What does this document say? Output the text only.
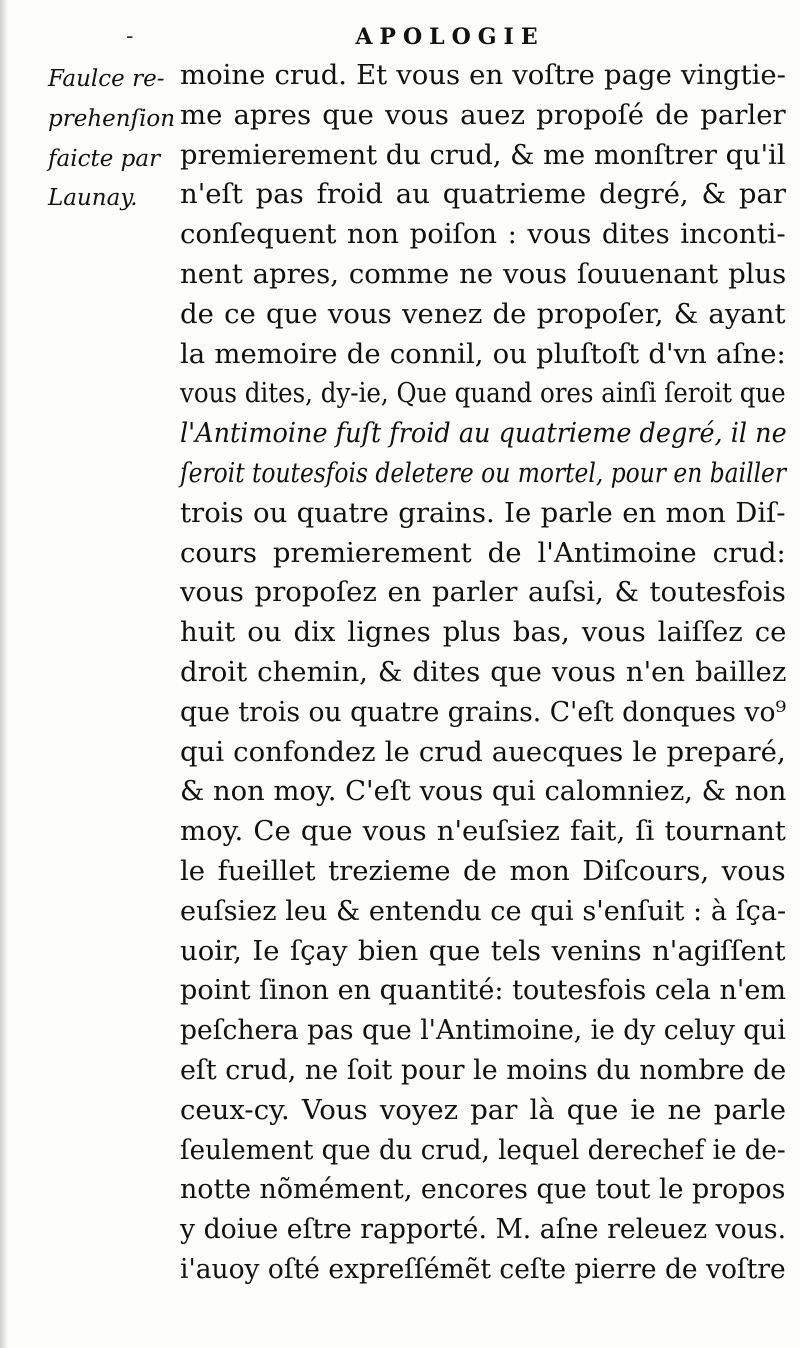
-	APOLOGIE
Faulce re-
prehenſion
faicte par
Launay.
moine crud. Et vous en voſtre page vingtie-
me apres que vous auez propoſé de parler
premierement du crud, & me monſtrer qu'il
n'eſt pas froid au quatrieme degré, & par
conſequent non poiſon : vous dites inconti-
nent apres, comme ne vous ſouuenant plus
de ce que vous venez de propoſer, & ayant
la memoire de connil, ou pluſtoſt d'vn aſne:
vous dites, dy-ie, Que quand ores ainſi ſeroit que
l'Antimoine fuſt froid au quatrieme degré, il ne
ſeroit toutesfois deletere ou mortel, pour en bailler
trois ou quatre grains. Ie parle en mon Diſ-
cours premierement de l'Antimoine crud:
vous propoſez en parler auſsi, & toutesfois
huit ou dix lignes plus bas, vous laiſſez ce
droit chemin, & dites que vous n'en baillez
que trois ou quatre grains. C'eſt donques vo⁹
qui confondez le crud auecques le preparé,
& non moy. C'eſt vous qui calomniez, & non
moy. Ce que vous n'euſsiez fait, ſi tournant
le fueillet trezieme de mon Diſcours, vous
euſsiez leu & entendu ce qui s'enſuit : à ſça-
uoir, Ie ſçay bien que tels venins n'agiſſent
point ſinon en quantité: toutesfois cela n'em
peſchera pas que l'Antimoine, ie dy celuy qui
eſt crud, ne ſoit pour le moins du nombre de
ceux-cy. Vous voyez par là que ie ne parle
ſeulement que du crud, lequel derechef ie de-
notte nõmément, encores que tout le propos
y doiue eſtre rapporté. M. aſne releuez vous.
i'auoy oſté expreſſémẽt ceſte pierre de voſtre
